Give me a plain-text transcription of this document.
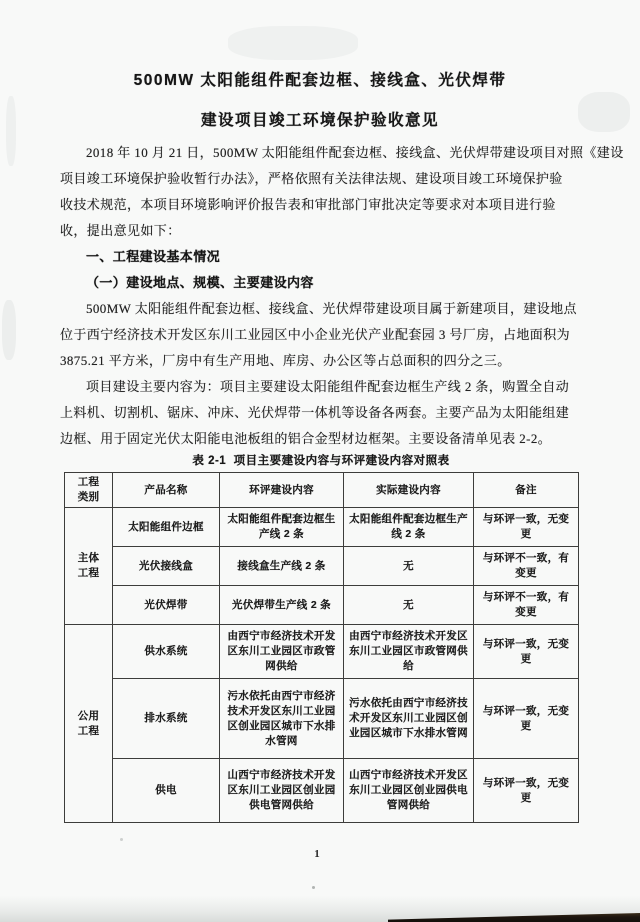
500MW 太阳能组件配套边框、接线盒、光伏焊带
建设项目竣工环境保护验收意见
2018 年 10 月 21 日，500MW 太阳能组件配套边框、接线盒、光伏焊带建设项目对照《建设
项目竣工环境保护验收暂行办法》，严格依照有关法律法规、建设项目竣工环境保护验
收技术规范，本项目环境影响评价报告表和审批部门审批决定等要求对本项目进行验
收，提出意见如下：
一、工程建设基本情况
（一）建设地点、规模、主要建设内容
500MW 太阳能组件配套边框、接线盒、光伏焊带建设项目属于新建项目，建设地点
位于西宁经济技术开发区东川工业园区中小企业光伏产业配套园 3 号厂房，占地面积为
3875.21 平方米，厂房中有生产用地、库房、办公区等占总面积的四分之三。
项目建设主要内容为：项目主要建设太阳能组件配套边框生产线 2 条，购置全自动
上料机、切割机、锯床、冲床、光伏焊带一体机等设备各两套。主要产品为太阳能组建
边框、用于固定光伏太阳能电池板组的铝合金型材边框架。主要设备清单见表 2-2。
表 2-1  项目主要建设内容与环评建设内容对照表
工程类别	产品名称	环评建设内容	实际建设内容	备注
主体工程	太阳能组件边框	太阳能组件配套边框生产线 2 条	太阳能组件配套边框生产线 2 条	与环评一致，无变更
	光伏接线盒	接线盒生产线 2 条	无	与环评不一致，有变更
	光伏焊带	光伏焊带生产线 2 条	无	与环评不一致，有变更
公用工程	供水系统	由西宁市经济技术开发区东川工业园区市政管网供给	由西宁市经济技术开发区东川工业园区市政管网供给	与环评一致，无变更
	排水系统	污水依托由西宁市经济技术开发区东川工业园区创业园区城市下水排水管网	污水依托由西宁市经济技术开发区东川工业园区创业园区城市下水排水管网	与环评一致，无变更
	供电	山西宁市经济技术开发区东川工业园区创业园供电管网供给	山西宁市经济技术开发区东川工业园区创业园供电管网供给	与环评一致，无变更
1
